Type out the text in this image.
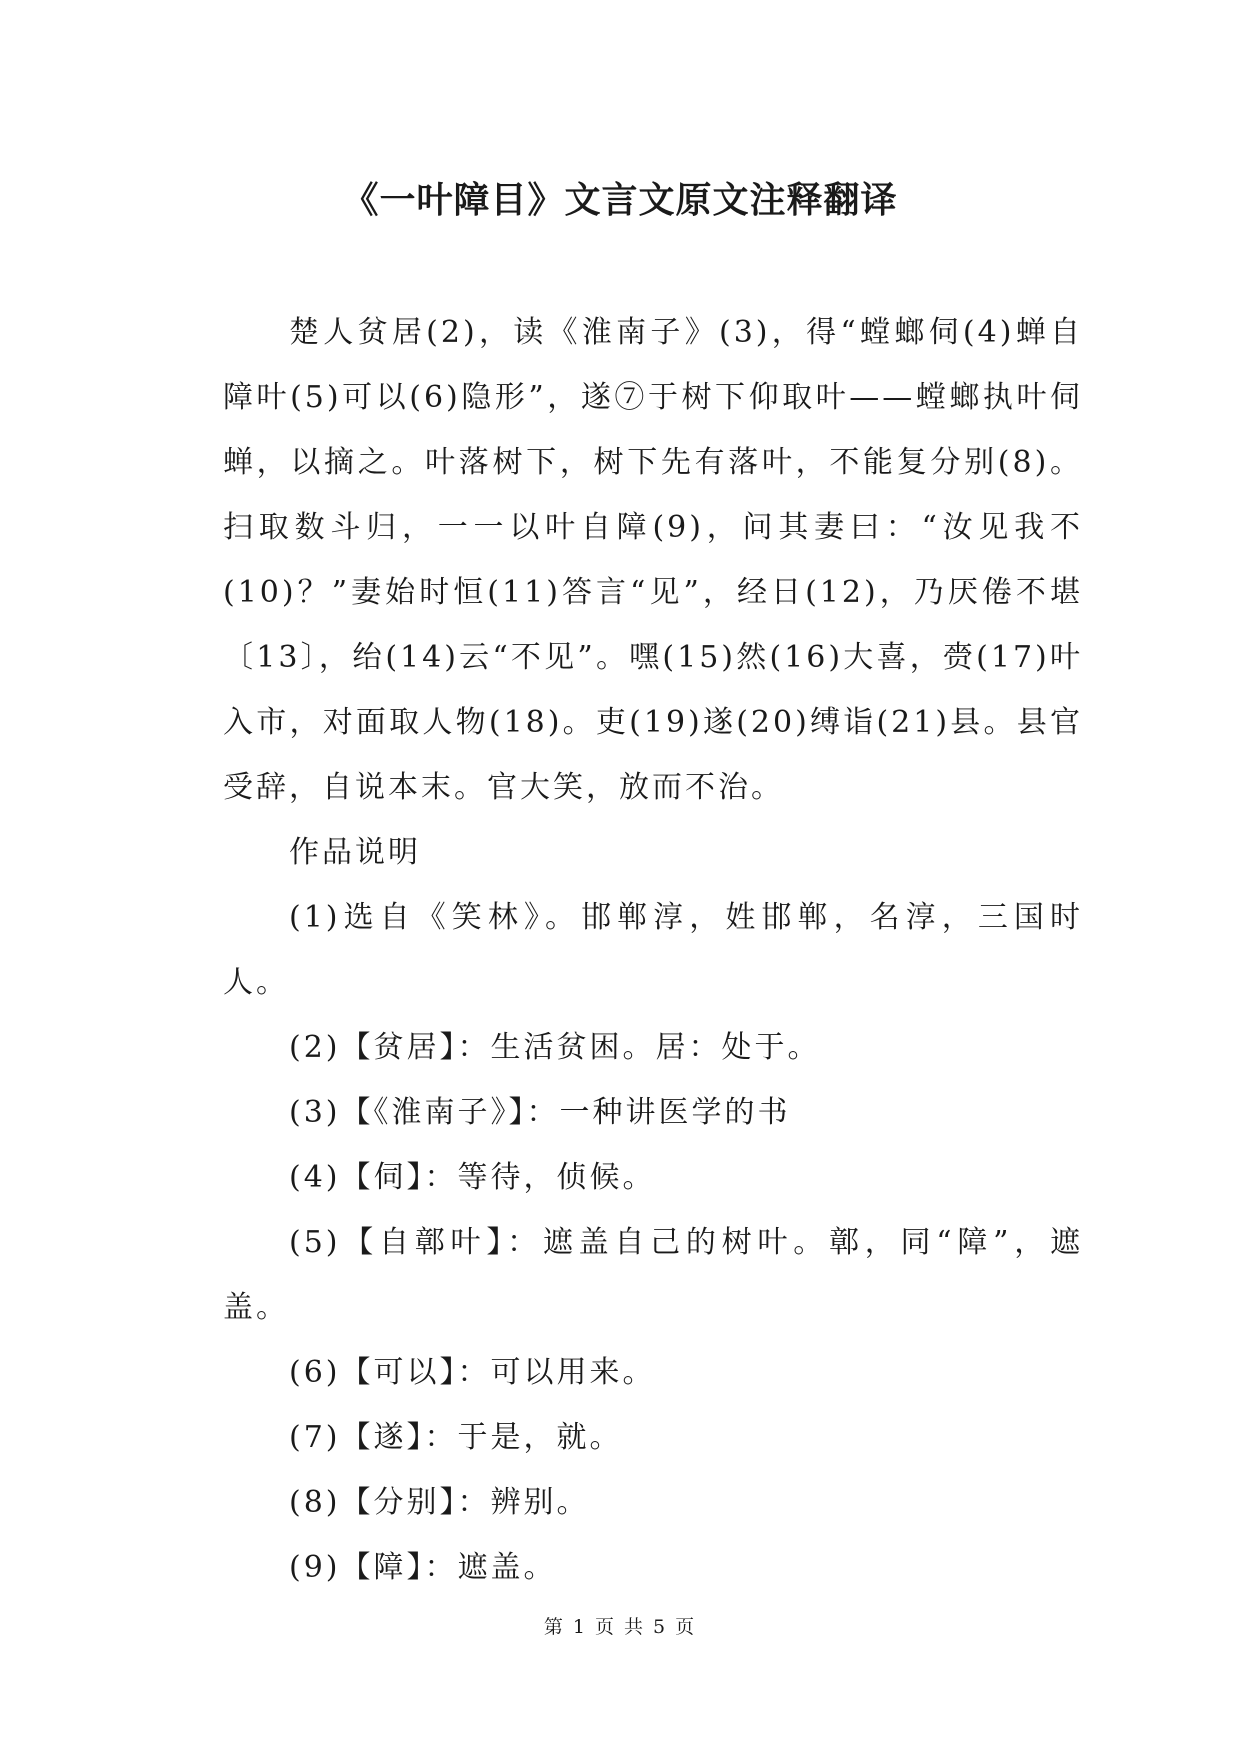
《一叶障目》文言文原文注释翻译

楚人贫居(2)，读《淮南子》(3)，得“螳螂伺(4)蝉自障叶(5)可以(6)隐形”，遂⑦于树下仰取叶——螳螂执叶伺蝉，以摘之。叶落树下，树下先有落叶，不能复分别(8)。扫取数斗归，一一以叶自障(9)，问其妻曰：“汝见我不(10)？”妻始时恒(11)答言“见”，经日(12)，乃厌倦不堪〔13〕，绐(14)云“不见”。嘿(15)然(16)大喜，赍(17)叶入市，对面取人物(18)。吏(19)遂(20)缚诣(21)县。县官受辞，自说本末。官大笑，放而不治。

作品说明

(1)选自《笑林》。邯郸淳，姓邯郸，名淳，三国时人。

(2)【贫居】：生活贫困。居：处于。

(3)【《淮南子》】：一种讲医学的书

(4)【伺】：等待，侦候。

(5)【自鄣叶】：遮盖自己的树叶。鄣，同“障”，遮盖。

(6)【可以】：可以用来。

(7)【遂】：于是，就。

(8)【分别】：辨别。

(9)【障】：遮盖。

第 1 页 共 5 页
